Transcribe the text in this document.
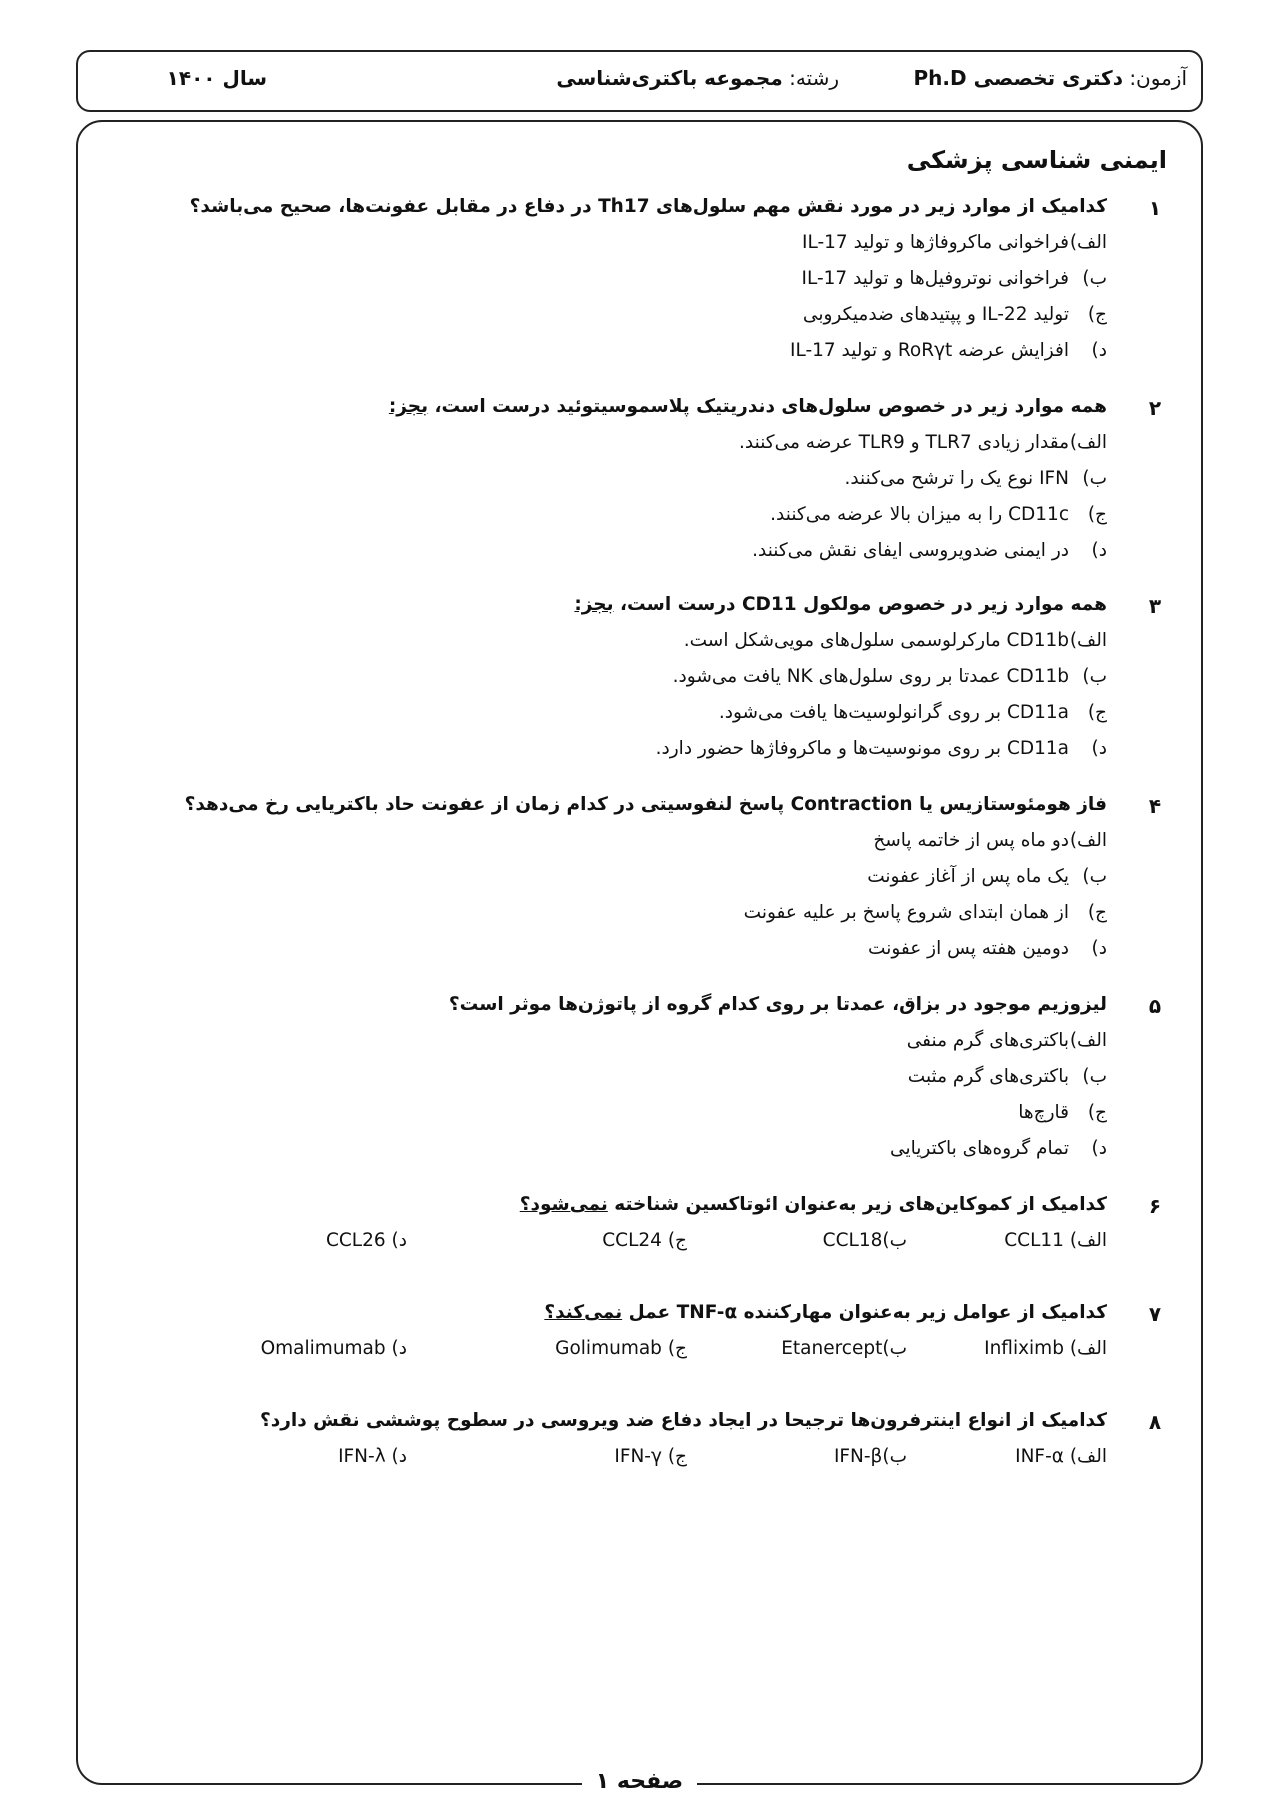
آزمون: دکتری تخصصی Ph.D
رشته: مجموعه باکتری‌شناسی
سال ۱۴۰۰
ایمنی شناسی پزشکی
۱
کدامیک از موارد زیر در مورد نقش مهم سلول‌های Th17 در دفاع در مقابل عفونت‌ها، صحیح می‌باشد؟
الف)فراخوانی ماکروفاژها و تولید IL-17
ب)فراخوانی نوتروفیل‌ها و تولید IL-17
ج)تولید IL-22 و پپتیدهای ضدمیکروبی
د)افزایش عرضه RoRγt و تولید IL-17
۲
همه موارد زیر در خصوص سلول‌های دندریتیک پلاسموسیتوئید درست است، بجز:
الف)مقدار زیادی TLR7 و TLR9 عرضه می‌کنند.
ب)IFN نوع یک را ترشح می‌کنند.
ج)CD11c را به میزان بالا عرضه می‌کنند.
د)در ایمنی ضدویروسی ایفای نقش می‌کنند.
۳
همه موارد زیر در خصوص مولکول CD11 درست است، بجز:
الف)CD11b مارکرلوسمی سلول‌های مویی‌شکل است.
ب)CD11b عمدتا بر روی سلول‌های NK یافت می‌شود.
ج)CD11a بر روی گرانولوسیت‌ها یافت می‌شود.
د)CD11a بر روی مونوسیت‌ها و ماکروفاژها حضور دارد.
۴
فاز هومئوستازیس یا Contraction پاسخ لنفوسیتی در کدام زمان از عفونت حاد باکتریایی رخ می‌دهد؟
الف)دو ماه پس از خاتمه پاسخ
ب)یک ماه پس از آغاز عفونت
ج)از همان ابتدای شروع پاسخ بر علیه عفونت
د)دومین هفته پس از عفونت
۵
لیزوزیم موجود در بزاق، عمدتا بر روی کدام گروه از پاتوژن‌ها موثر است؟
الف)باکتری‌های گرم منفی
ب)باکتری‌های گرم مثبت
ج)قارچ‌ها
د)تمام گروه‌های باکتریایی
۶
کدامیک از کموکاین‌های زیر به‌عنوان ائوتاکسین شناخته نمی‌شود؟
الف) CCL11
ب)CCL18
ج) CCL24
د) CCL26
۷
کدامیک از عوامل زیر به‌عنوان مهارکننده TNF-α عمل نمی‌کند؟
الف) Infliximb
ب)Etanercept
ج) Golimumab
د) Omalimumab
۸
کدامیک از انواع اینترفرون‌ها ترجیحا در ایجاد دفاع ضد ویروسی در سطوح پوششی نقش دارد؟
الف) INF-α
ب)IFN-β
ج) IFN-γ
د) IFN-λ
صفحه ۱
